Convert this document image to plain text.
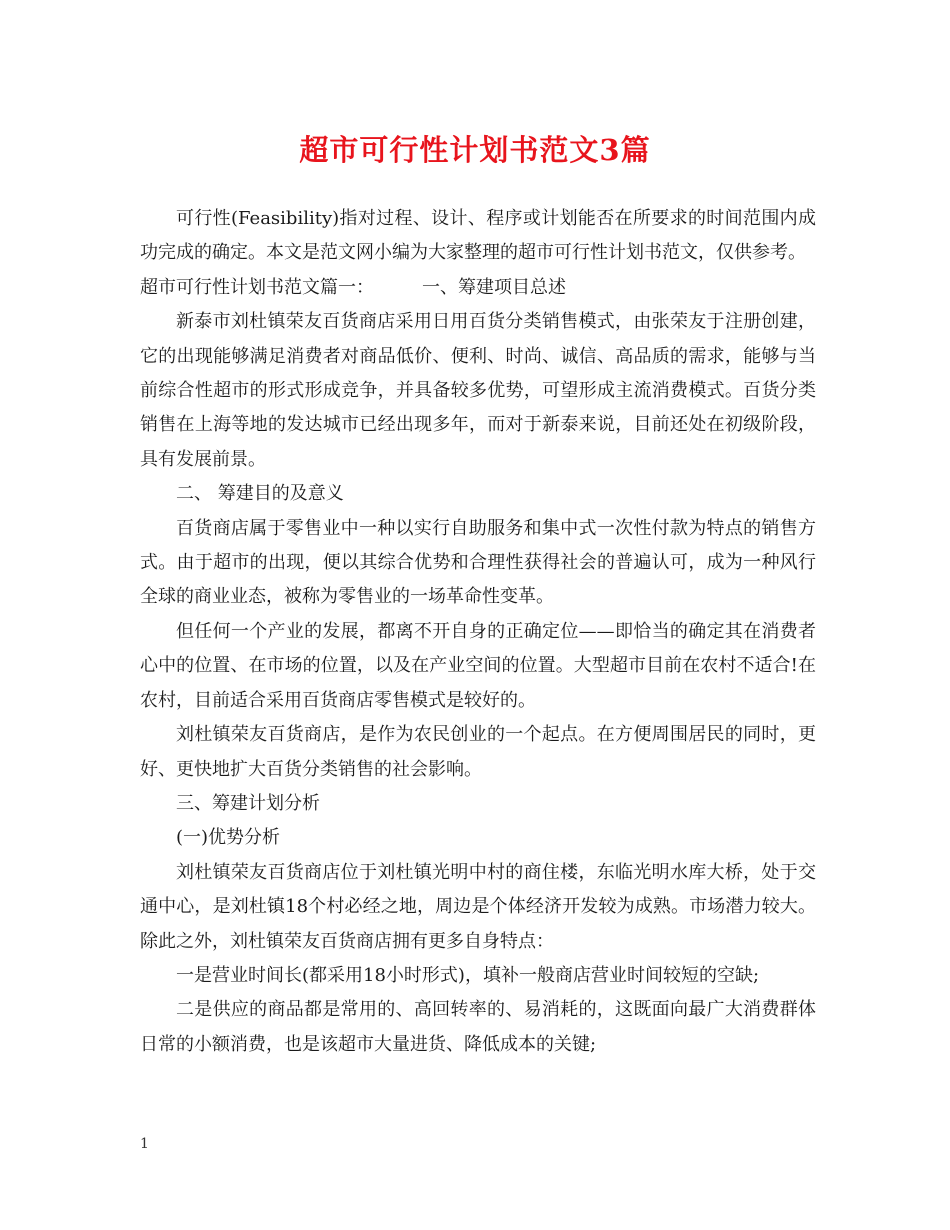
超市可行性计划书范文3篇

可行性(Feasibility)指对过程、设计、程序或计划能否在所要求的时间范围内成功完成的确定。本文是范文网小编为大家整理的超市可行性计划书范文，仅供参考。

超市可行性计划书范文篇一：	一、筹建项目总述

新泰市刘杜镇荣友百货商店采用日用百货分类销售模式，由张荣友于注册创建，它的出现能够满足消费者对商品低价、便利、时尚、诚信、高品质的需求，能够与当前综合性超市的形式形成竞争，并具备较多优势，可望形成主流消费模式。百货分类销售在上海等地的发达城市已经出现多年，而对于新泰来说，目前还处在初级阶段，具有发展前景。

二、 筹建目的及意义

百货商店属于零售业中一种以实行自助服务和集中式一次性付款为特点的销售方式。由于超市的出现，便以其综合优势和合理性获得社会的普遍认可，成为一种风行全球的商业业态，被称为零售业的一场革命性变革。

但任何一个产业的发展，都离不开自身的正确定位——即恰当的确定其在消费者心中的位置、在市场的位置，以及在产业空间的位置。大型超市目前在农村不适合!在农村，目前适合采用百货商店零售模式是较好的。

刘杜镇荣友百货商店，是作为农民创业的一个起点。在方便周围居民的同时，更好、更快地扩大百货分类销售的社会影响。

三、筹建计划分析

(一)优势分析

刘杜镇荣友百货商店位于刘杜镇光明中村的商住楼，东临光明水库大桥，处于交通中心，是刘杜镇18个村必经之地，周边是个体经济开发较为成熟。市场潜力较大。除此之外，刘杜镇荣友百货商店拥有更多自身特点：

一是营业时间长(都采用18小时形式)，填补一般商店营业时间较短的空缺;

二是供应的商品都是常用的、高回转率的、易消耗的，这既面向最广大消费群体日常的小额消费，也是该超市大量进货、降低成本的关键;

1
